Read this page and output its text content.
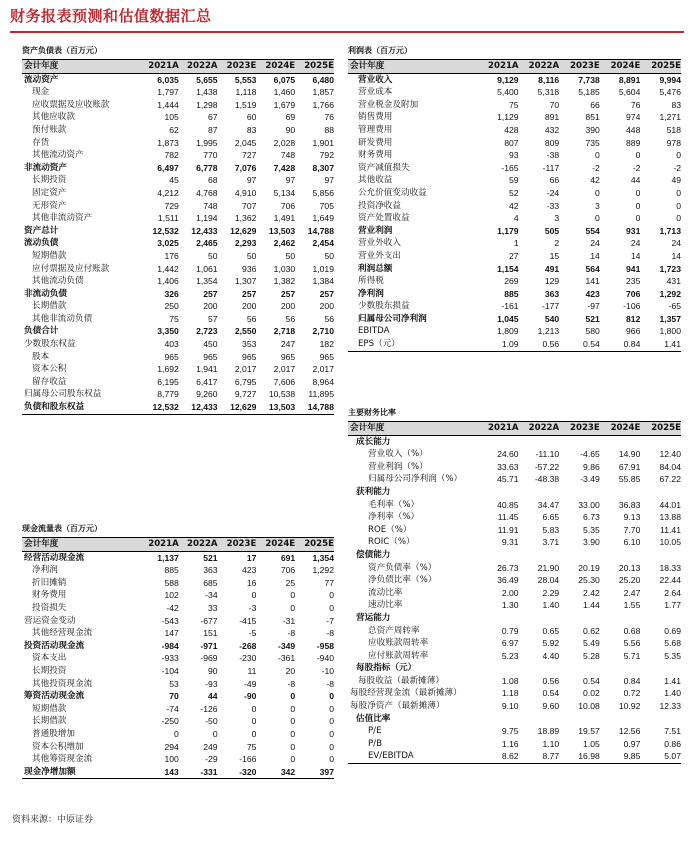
财务报表预测和估值数据汇总
资产负债表（百万元）
会计年度	2021A	2022A	2023E	2024E	2025E
流动资产	6,035	5,655	5,553	6,075	6,480
现金	1,797	1,438	1,118	1,460	1,857
应收票据及应收账款	1,444	1,298	1,519	1,679	1,766
其他应收款	105	67	60	69	76
预付账款	62	87	83	90	88
存货	1,873	1,995	2,045	2,028	1,901
其他流动资产	782	770	727	748	792
非流动资产	6,497	6,778	7,076	7,428	8,307
长期投资	45	68	97	97	97
固定资产	4,212	4,768	4,910	5,134	5,856
无形资产	729	748	707	706	705
其他非流动资产	1,511	1,194	1,362	1,491	1,649
资产总计	12,532	12,433	12,629	13,503	14,788
流动负债	3,025	2,465	2,293	2,462	2,454
短期借款	176	50	50	50	50
应付票据及应付账款	1,442	1,061	936	1,030	1,019
其他流动负债	1,406	1,354	1,307	1,382	1,384
非流动负债	326	257	257	257	257
长期借款	250	200	200	200	200
其他非流动负债	75	57	56	56	56
负债合计	3,350	2,723	2,550	2,718	2,710
少数股东权益	403	450	353	247	182
股本	965	965	965	965	965
资本公积	1,692	1,941	2,017	2,017	2,017
留存收益	6,195	6,417	6,795	7,606	8,964
归属母公司股东权益	8,779	9,260	9,727	10,538	11,895
负债和股东权益	12,532	12,433	12,629	13,503	14,788
利润表（百万元）
会计年度	2021A	2022A	2023E	2024E	2025E
营业收入	9,129	8,116	7,738	8,891	9,994
营业成本	5,400	5,318	5,185	5,604	5,476
营业税金及附加	75	70	66	76	83
销售费用	1,129	891	851	974	1,271
管理费用	428	432	390	448	518
研发费用	807	809	735	889	978
财务费用	93	-38	0	0	0
资产减值损失	-165	-117	-2	-2	-2
其他收益	59	66	42	44	49
公允价值变动收益	52	-24	0	0	0
投资净收益	42	-33	3	0	0
资产处置收益	4	3	0	0	0
营业利润	1,179	505	554	931	1,713
营业外收入	1	2	24	24	24
营业外支出	27	15	14	14	14
利润总额	1,154	491	564	941	1,723
所得税	269	129	141	235	431
净利润	885	363	423	706	1,292
少数股东损益	-161	-177	-97	-106	-65
归属母公司净利润	1,045	540	521	812	1,357
EBITDA	1,809	1,213	580	966	1,800
EPS（元）	1.09	0.56	0.54	0.84	1.41
主要财务比率
会计年度	2021A	2022A	2023E	2024E	2025E
成长能力					
营业收入（%）	24.60	-11.10	-4.65	14.90	12.40
营业利润（%）	33.63	-57.22	9.86	67.91	84.04
归属母公司净利润（%）	45.71	-48.38	-3.49	55.85	67.22
获利能力					
毛利率（%）	40.85	34.47	33.00	36.83	44.01
净利率（%）	11.45	6.65	6.73	9.13	13.88
ROE（%）	11.91	5.83	5.35	7.70	11.41
ROIC（%）	9.31	3.71	3.90	6.10	10.05
偿债能力					
资产负债率（%）	26.73	21.90	20.19	20.13	18.33
净负债比率（%）	36.49	28.04	25.30	25.20	22.44
流动比率	2.00	2.29	2.42	2.47	2.64
速动比率	1.30	1.40	1.44	1.55	1.77
营运能力					
总资产周转率	0.79	0.65	0.62	0.68	0.69
应收账款周转率	6.97	5.92	5.49	5.56	5.68
应付账款周转率	5.23	4.40	5.28	5.71	5.35
每股指标（元）					
每股收益（最新摊薄）	1.08	0.56	0.54	0.84	1.41
每股经营现金流（最新摊薄）	1.18	0.54	0.02	0.72	1.40
每股净资产（最新摊薄）	9.10	9.60	10.08	10.92	12.33
估值比率					
P/E	9.75	18.89	19.57	12.56	7.51
P/B	1.16	1.10	1.05	0.97	0.86
EV/EBITDA	8.62	8.77	16.98	9.85	5.07
现金流量表（百万元）
会计年度	2021A	2022A	2023E	2024E	2025E
经营活动现金流	1,137	521	17	691	1,354
净利润	885	363	423	706	1,292
折旧摊销	588	685	16	25	77
财务费用	102	-34	0	0	0
投资损失	-42	33	-3	0	0
营运资金变动	-543	-677	-415	-31	-7
其他经营现金流	147	151	-5	-8	-8
投资活动现金流	-984	-971	-268	-349	-958
资本支出	-933	-969	-230	-361	-940
长期投资	-104	90	11	20	-10
其他投资现金流	53	-93	-49	-8	-8
筹资活动现金流	70	44	-90	0	0
短期借款	-74	-126	0	0	0
长期借款	-250	-50	0	0	0
普通股增加	0	0	0	0	0
资本公积增加	294	249	75	0	0
其他筹资现金流	100	-29	-166	0	0
现金净增加额	143	-331	-320	342	397
资料来源：中原证券
